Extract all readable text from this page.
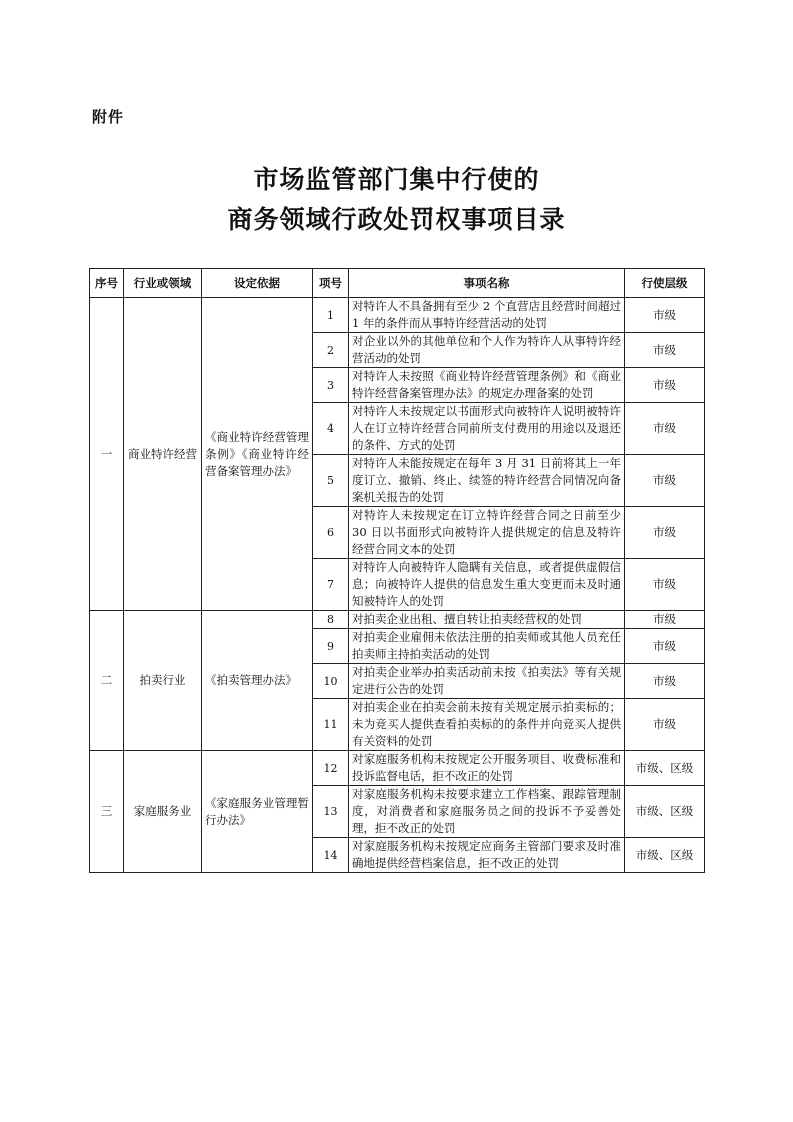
附件
市场监管部门集中行使的
商务领域行政处罚权事项目录
序号	行业或领域	设定依据	项号	事项名称	行使层级
一	商业特许经营	《商业特许经营管理条例》《商业特许经营备案管理办法》	1	对特许人不具备拥有至少 2 个直营店且经营时间超过 1 年的条件而从事特许经营活动的处罚	市级
			2	对企业以外的其他单位和个人作为特许人从事特许经营活动的处罚	市级
			3	对特许人未按照《商业特许经营管理条例》和《商业特许经营备案管理办法》的规定办理备案的处罚	市级
			4	对特许人未按规定以书面形式向被特许人说明被特许人在订立特许经营合同前所支付费用的用途以及退还的条件、方式的处罚	市级
			5	对特许人未能按规定在每年 3 月 31 日前将其上一年度订立、撤销、终止、续签的特许经营合同情况向备案机关报告的处罚	市级
			6	对特许人未按规定在订立特许经营合同之日前至少 30 日以书面形式向被特许人提供规定的信息及特许经营合同文本的处罚	市级
			7	对特许人向被特许人隐瞒有关信息，或者提供虚假信息；向被特许人提供的信息发生重大变更而未及时通知被特许人的处罚	市级
二	拍卖行业	《拍卖管理办法》	8	对拍卖企业出租、擅自转让拍卖经营权的处罚	市级
			9	对拍卖企业雇佣未依法注册的拍卖师或其他人员充任拍卖师主持拍卖活动的处罚	市级
			10	对拍卖企业举办拍卖活动前未按《拍卖法》等有关规定进行公告的处罚	市级
			11	对拍卖企业在拍卖会前未按有关规定展示拍卖标的；未为竞买人提供查看拍卖标的的条件并向竞买人提供有关资料的处罚	市级
三	家庭服务业	《家庭服务业管理暂行办法》	12	对家庭服务机构未按规定公开服务项目、收费标准和投诉监督电话，拒不改正的处罚	市级、区级
			13	对家庭服务机构未按要求建立工作档案、跟踪管理制度，对消费者和家庭服务员之间的投诉不予妥善处理，拒不改正的处罚	市级、区级
			14	对家庭服务机构未按规定应商务主管部门要求及时准确地提供经营档案信息，拒不改正的处罚	市级、区级
